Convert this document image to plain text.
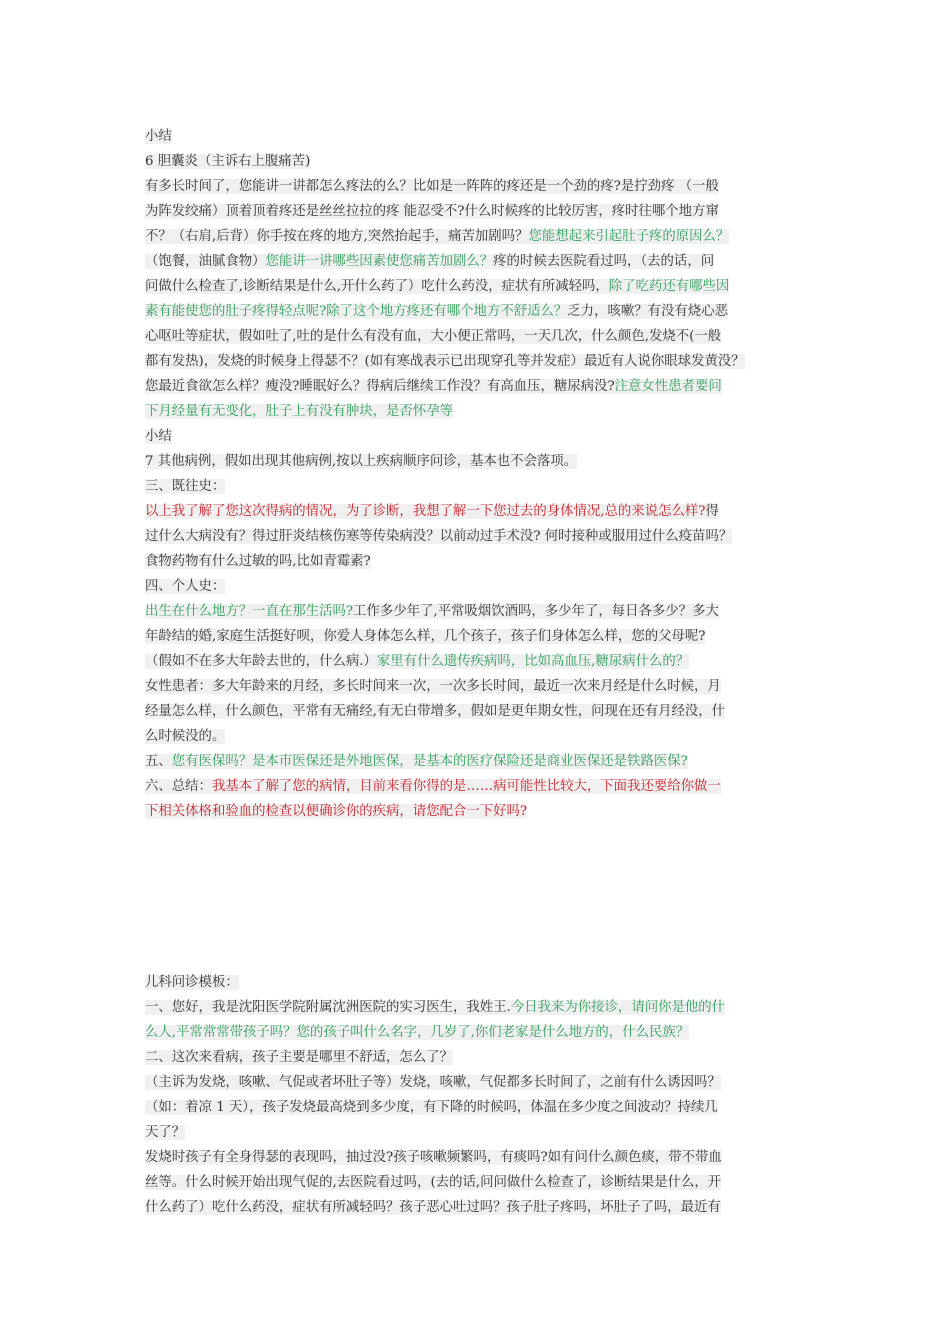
小结
6 胆囊炎（主诉右上腹痛苦)
有多长时间了，您能讲一讲都怎么疼法的么？比如是一阵阵的疼还是一个劲的疼?是拧劲疼 （一般
为阵发绞痛）顶着顶着疼还是丝丝拉拉的疼 能忍受不?什么时候疼的比较厉害，疼时往哪个地方窜
不？（右肩,后背）你手按在疼的地方,突然抬起手，痛苦加剧吗？您能想起来引起肚子疼的原因么？
（饱餐，油腻食物）您能讲一讲哪些因素使您痛苦加剧么？疼的时候去医院看过吗，（去的话，问
问做什么检查了,诊断结果是什么,开什么药了）吃什么药没，症状有所减轻吗，除了吃药还有哪些因
素有能使您的肚子疼得轻点呢?除了这个地方疼还有哪个地方不舒适么？乏力，咳嗽？有没有烧心恶
心呕吐等症状，假如吐了,吐的是什么有没有血，大小便正常吗，一天几次，什么颜色,发烧不(一般
都有发热)，发烧的时候身上得瑟不？(如有寒战表示已出现穿孔等并发症）最近有人说你眼球发黄没？
您最近食欲怎么样？瘦没?睡眠好么？得病后继续工作没？有高血压，糖尿病没?注意女性患者要问
下月经量有无变化，肚子上有没有肿块，是否怀孕等
小结
7 其他病例，假如出现其他病例,按以上疾病顺序问诊，基本也不会落项。
三、既往史：
以上我了解了您这次得病的情况，为了诊断，我想了解一下您过去的身体情况,总的来说怎么样?得
过什么大病没有？得过肝炎结核伤寒等传染病没？以前动过手术没? 何时接种或服用过什么疫苗吗？
食物药物有什么过敏的吗,比如青霉素?
四、个人史：
出生在什么地方？一直在那生活吗?工作多少年了,平常吸烟饮酒吗，多少年了，每日各多少？多大
年龄结的婚,家庭生活挺好呗，你爱人身体怎么样，几个孩子，孩子们身体怎么样，您的父母呢?
（假如不在多大年龄去世的，什么病.）家里有什么遗传疾病吗，比如高血压,糖尿病什么的？
女性患者：多大年龄来的月经，多长时间来一次，一次多长时间，最近一次来月经是什么时候，月
经量怎么样，什么颜色，平常有无痛经,有无白带增多，假如是更年期女性，问现在还有月经没，什
么时候没的。
五、您有医保吗？是本市医保还是外地医保，是基本的医疗保险还是商业医保还是铁路医保?
六、总结：我基本了解了您的病情，目前来看你得的是……病可能性比较大，下面我还要给你做一
下相关体格和验血的检查以便确诊你的疾病，请您配合一下好吗?
儿科问诊模板：
一、您好，我是沈阳医学院附属沈洲医院的实习医生，我姓王.今日我来为你接诊，请问你是他的什
么人,平常常常带孩子吗？您的孩子叫什么名字，几岁了,你们老家是什么地方的，什么民族？
二、这次来看病，孩子主要是哪里不舒适，怎么了？
（主诉为发烧，咳嗽、气促或者坏肚子等）发烧，咳嗽，气促都多长时间了，之前有什么诱因吗？
（如：着凉 1 天），孩子发烧最高烧到多少度，有下降的时候吗，体温在多少度之间波动？持续几
天了？
发烧时孩子有全身得瑟的表现吗，抽过没?孩子咳嗽频繁吗，有痰吗?如有问什么颜色痰，带不带血
丝等。什么时候开始出现气促的,去医院看过吗，(去的话,问问做什么检查了，诊断结果是什么，开
什么药了）吃什么药没，症状有所减轻吗？孩子恶心吐过吗？孩子肚子疼吗，坏肚子了吗，最近有
